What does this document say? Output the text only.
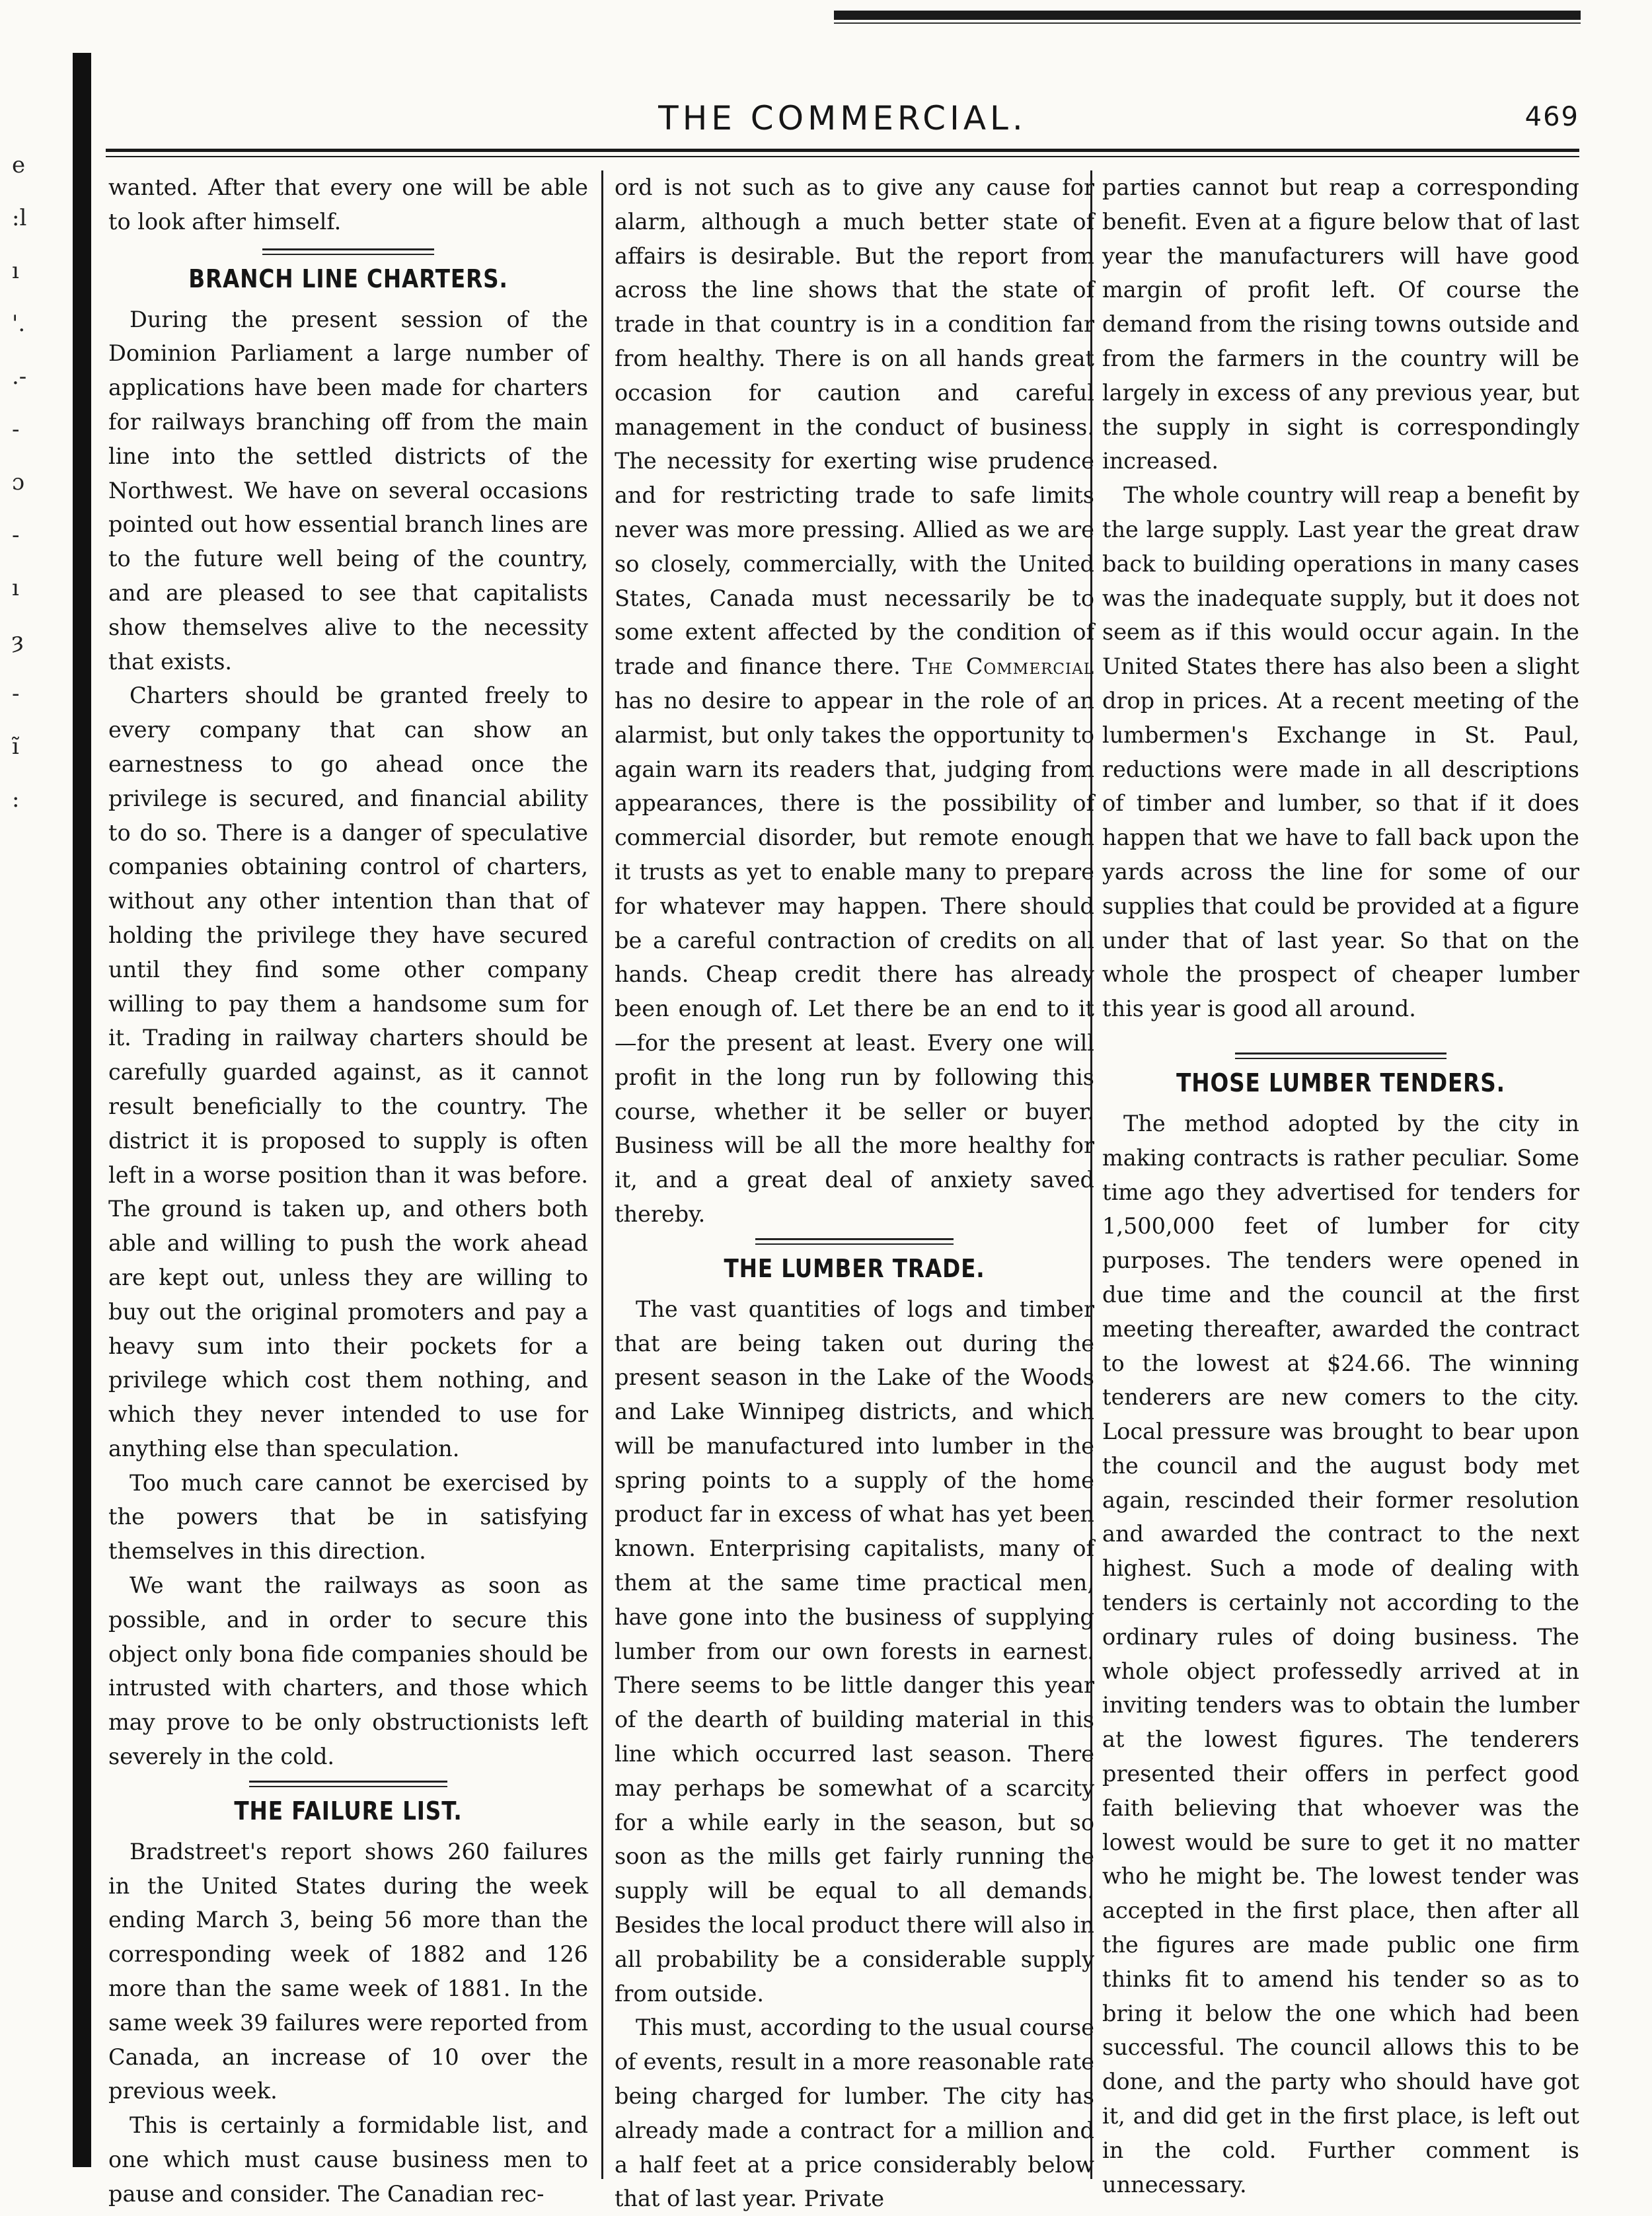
e
:l
ı
'.
.-
-
ɔ
-
ı
ȝ
-
ĩ
:
THE COMMERCIAL.	469

wanted. After that every one will be able to look after himself.

BRANCH LINE CHARTERS.

During the present session of the Dominion Parliament a large number of applications have been made for charters for railways branching off from the main line into the settled districts of the Northwest. We have on several occasions pointed out how essential branch lines are to the future well being of the country, and are pleased to see that capitalists show themselves alive to the necessity that exists.

Charters should be granted freely to every company that can show an earnestness to go ahead once the privilege is secured, and financial ability to do so. There is a danger of speculative companies obtaining control of charters, without any other intention than that of holding the privilege they have secured until they find some other company willing to pay them a handsome sum for it. Trading in railway charters should be carefully guarded against, as it cannot result beneficially to the country. The district it is proposed to supply is often left in a worse position than it was before. The ground is taken up, and others both able and willing to push the work ahead are kept out, unless they are willing to buy out the original promoters and pay a heavy sum into their pockets for a privilege which cost them nothing, and which they never intended to use for anything else than speculation.

Too much care cannot be exercised by the powers that be in satisfying themselves in this direction.

We want the railways as soon as possible, and in order to secure this object only bona fide companies should be intrusted with charters, and those which may prove to be only obstructionists left severely in the cold.

THE FAILURE LIST.

Bradstreet's report shows 260 failures in the United States during the week ending March 3, being 56 more than the corresponding week of 1882 and 126 more than the same week of 1881. In the same week 39 failures were reported from Canada, an increase of 10 over the previous week.

This is certainly a formidable list, and one which must cause business men to pause and consider. The Canadian rec-

ord is not such as to give any cause for alarm, although a much better state of affairs is desirable. But the report from across the line shows that the state of trade in that country is in a condition far from healthy. There is on all hands great occasion for caution and careful management in the conduct of business. The necessity for exerting wise prudence and for restricting trade to safe limits never was more pressing. Allied as we are so closely, commercially, with the United States, Canada must necessarily be to some extent affected by the condition of trade and finance there. The Commercial has no desire to appear in the role of an alarmist, but only takes the opportunity to again warn its readers that, judging from appearances, there is the possibility of commercial disorder, but remote enough it trusts as yet to enable many to prepare for whatever may happen. There should be a careful contraction of credits on all hands. Cheap credit there has already been enough of. Let there be an end to it—for the present at least. Every one will profit in the long run by following this course, whether it be seller or buyer. Business will be all the more healthy for it, and a great deal of anxiety saved thereby.

THE LUMBER TRADE.

The vast quantities of logs and timber that are being taken out during the present season in the Lake of the Woods and Lake Winnipeg districts, and which will be manufactured into lumber in the spring points to a supply of the home product far in excess of what has yet been known. Enterprising capitalists, many of them at the same time practical men, have gone into the business of supplying lumber from our own forests in earnest. There seems to be little danger this year of the dearth of building material in this line which occurred last season. There may perhaps be somewhat of a scarcity for a while early in the season, but so soon as the mills get fairly running the supply will be equal to all demands. Besides the local product there will also in all probability be a considerable supply from outside.

This must, according to the usual course of events, result in a more reasonable rate being charged for lumber. The city has already made a contract for a million and a half feet at a price considerably below that of last year. Private

parties cannot but reap a corresponding benefit. Even at a figure below that of last year the manufacturers will have good margin of profit left. Of course the demand from the rising towns outside and from the farmers in the country will be largely in excess of any previous year, but the supply in sight is correspondingly increased.

The whole country will reap a benefit by the large supply. Last year the great draw back to building operations in many cases was the inadequate supply, but it does not seem as if this would occur again. In the United States there has also been a slight drop in prices. At a recent meeting of the lumbermen's Exchange in St. Paul, reductions were made in all descriptions of timber and lumber, so that if it does happen that we have to fall back upon the yards across the line for some of our supplies that could be provided at a figure under that of last year. So that on the whole the prospect of cheaper lumber this year is good all around.

THOSE LUMBER TENDERS.

The method adopted by the city in making contracts is rather peculiar. Some time ago they advertised for tenders for 1,500,000 feet of lumber for city purposes. The tenders were opened in due time and the council at the first meeting thereafter, awarded the contract to the lowest at $24.66. The winning tenderers are new comers to the city. Local pressure was brought to bear upon the council and the august body met again, rescinded their former resolution and awarded the contract to the next highest. Such a mode of dealing with tenders is certainly not according to the ordinary rules of doing business. The whole object professedly arrived at in inviting tenders was to obtain the lumber at the lowest figures. The tenderers presented their offers in perfect good faith believing that whoever was the lowest would be sure to get it no matter who he might be. The lowest tender was accepted in the first place, then after all the figures are made public one firm thinks fit to amend his tender so as to bring it below the one which had been successful. The council allows this to be done, and the party who should have got it, and did get in the first place, is left out in the cold. Further comment is unnecessary.
